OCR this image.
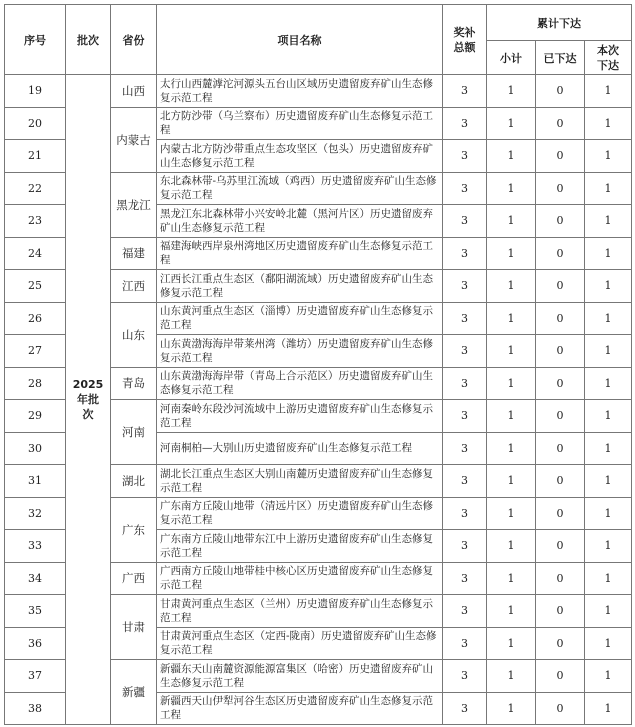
序号	批次	省份	项目名称	奖补总额	累计下达		
					小计	已下达	本次下达

19	2025年批次	山西	太行山西麓滹沱河源头五台山区域历史遗留废弃矿山生态修复示范工程	3	1	0	1
20		内蒙古	北方防沙带（乌兰察布）历史遗留废弃矿山生态修复示范工程	3	1	0	1
21			内蒙古北方防沙带重点生态攻坚区（包头）历史遗留废弃矿山生态修复示范工程	3	1	0	1
22		黑龙江	东北森林带-乌苏里江流域（鸡西）历史遗留废弃矿山生态修复示范工程	3	1	0	1
23			黑龙江东北森林带小兴安岭北麓（黑河片区）历史遗留废弃矿山生态修复示范工程	3	1	0	1
24		福建	福建海峡西岸泉州湾地区历史遗留废弃矿山生态修复示范工程	3	1	0	1
25		江西	江西长江重点生态区（鄱阳湖流域）历史遗留废弃矿山生态修复示范工程	3	1	0	1
26		山东	山东黄河重点生态区（淄博）历史遗留废弃矿山生态修复示范工程	3	1	0	1
27			山东黄渤海海岸带莱州湾（潍坊）历史遗留废弃矿山生态修复示范工程	3	1	0	1
28		青岛	山东黄渤海海岸带（青岛上合示范区）历史遗留废弃矿山生态修复示范工程	3	1	0	1
29		河南	河南秦岭东段沙河流域中上游历史遗留废弃矿山生态修复示范工程	3	1	0	1
30			河南桐柏—大别山历史遗留废弃矿山生态修复示范工程	3	1	0	1
31		湖北	湖北长江重点生态区大别山南麓历史遗留废弃矿山生态修复示范工程	3	1	0	1
32		广东	广东南方丘陵山地带（清远片区）历史遗留废弃矿山生态修复示范工程	3	1	0	1
33			广东南方丘陵山地带东江中上游历史遗留废弃矿山生态修复示范工程	3	1	0	1
34		广西	广西南方丘陵山地带桂中核心区历史遗留废弃矿山生态修复示范工程	3	1	0	1
35		甘肃	甘肃黄河重点生态区（兰州）历史遗留废弃矿山生态修复示范工程	3	1	0	1
36			甘肃黄河重点生态区（定西-陇南）历史遗留废弃矿山生态修复示范工程	3	1	0	1
37		新疆	新疆东天山南麓资源能源富集区（哈密）历史遗留废弃矿山生态修复示范工程	3	1	0	1
38			新疆西天山伊犁河谷生态区历史遗留废弃矿山生态修复示范工程	3	1	0	1
